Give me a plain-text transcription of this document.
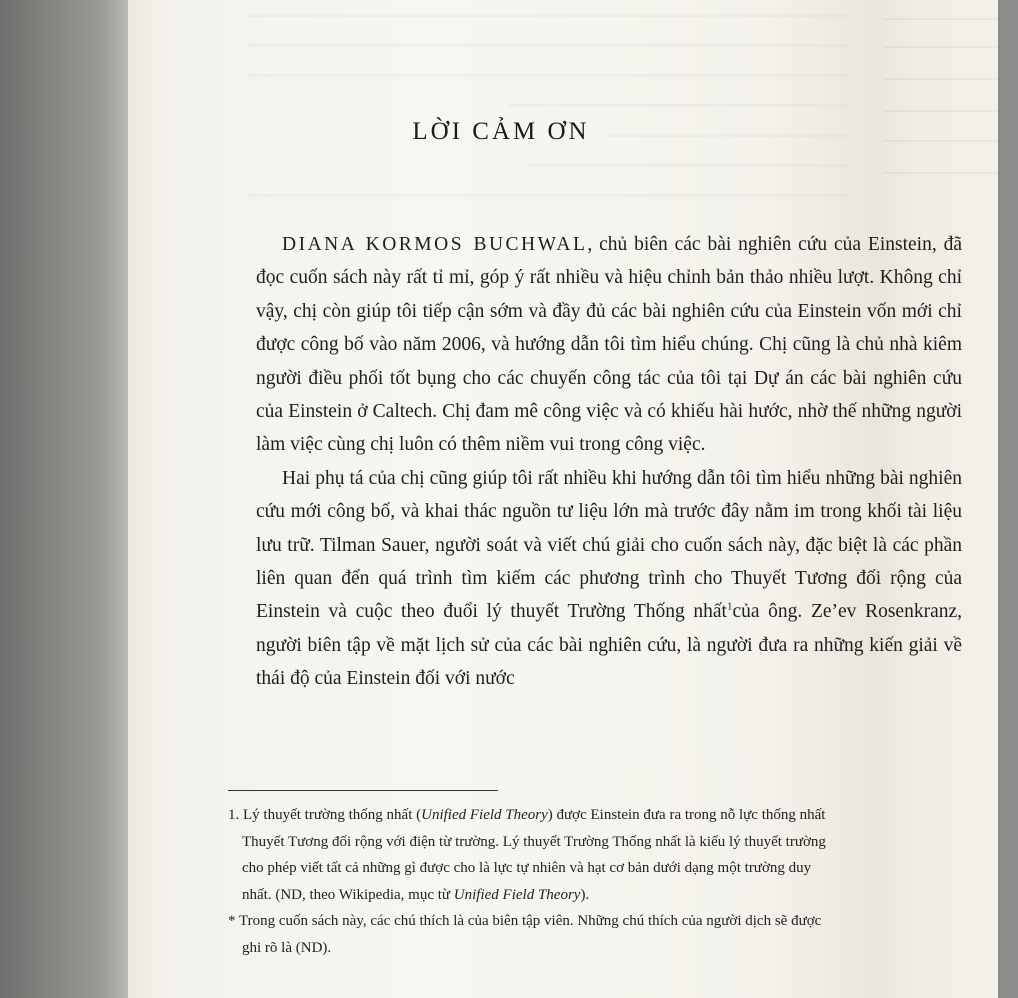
LỜI CẢM ƠN

DIANA KORMOS BUCHWAL, chủ biên các bài nghiên cứu của Einstein, đã đọc cuốn sách này rất tỉ mỉ, góp ý rất nhiều và hiệu chỉnh bản thảo nhiều lượt. Không chỉ vậy, chị còn giúp tôi tiếp cận sớm và đầy đủ các bài nghiên cứu của Einstein vốn mới chỉ được công bố vào năm 2006, và hướng dẫn tôi tìm hiểu chúng. Chị cũng là chủ nhà kiêm người điều phối tốt bụng cho các chuyến công tác của tôi tại Dự án các bài nghiên cứu của Einstein ở Caltech. Chị đam mê công việc và có khiếu hài hước, nhờ thế những người làm việc cùng chị luôn có thêm niềm vui trong công việc.

Hai phụ tá của chị cũng giúp tôi rất nhiều khi hướng dẫn tôi tìm hiểu những bài nghiên cứu mới công bố, và khai thác nguồn tư liệu lớn mà trước đây nằm im trong khối tài liệu lưu trữ. Tilman Sauer, người soát và viết chú giải cho cuốn sách này, đặc biệt là các phần liên quan đến quá trình tìm kiếm các phương trình cho Thuyết Tương đối rộng của Einstein và cuộc theo đuổi lý thuyết Trường Thống nhất$^1$của ông. Ze’ev Rosenkranz, người biên tập về mặt lịch sử của các bài nghiên cứu, là người đưa ra những kiến giải về thái độ của Einstein đối với nước

1. Lý thuyết trường thống nhất (Unified Field Theory) được Einstein đưa ra trong nỗ lực thống nhất Thuyết Tương đối rộng với điện từ trường. Lý thuyết Trường Thống nhất là kiểu lý thuyết trường cho phép viết tất cả những gì được cho là lực tự nhiên và hạt cơ bản dưới dạng một trường duy nhất. (ND, theo Wikipedia, mục từ Unified Field Theory).

* Trong cuốn sách này, các chú thích là của biên tập viên. Những chú thích của người dịch sẽ được ghi rõ là (ND).
